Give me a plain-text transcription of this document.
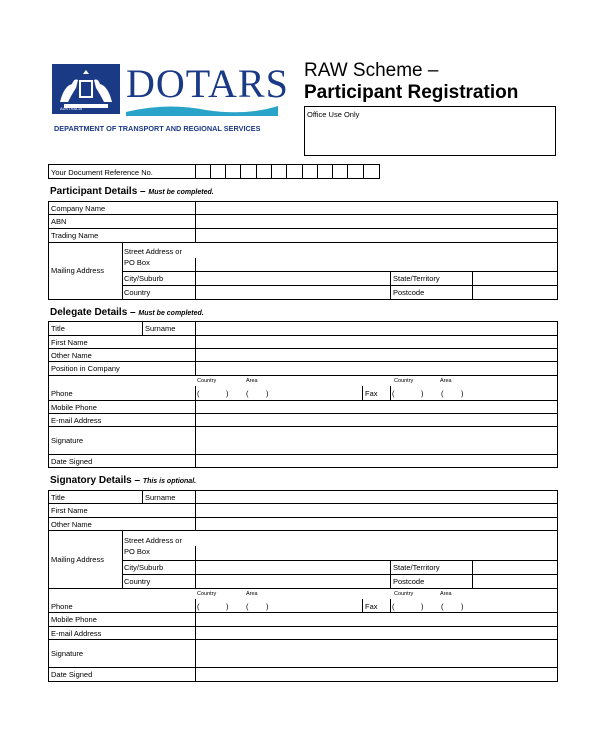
AUSTRALIA
DOTARS
DEPARTMENT OF TRANSPORT AND REGIONAL SERVICES
RAW Scheme –
Participant Registration
Office Use Only
Your Document Reference No.
Participant Details – Must be completed.
Company Name
ABN
Trading Name
Mailing Address
Street Address or
PO Box
City/Suburb	State/Territory
Country	Postcode
Delegate Details – Must be completed.
Title	Surname
First Name
Other Name
Position in Company
Country	Area	Country	Area
Phone	(	) ( )	Fax (	) ( )
Mobile Phone
E-mail Address
Signature
Date Signed
Signatory Details – This is optional.
Title	Surname
First Name
Other Name
Mailing Address
Street Address or
PO Box
City/Suburb	State/Territory
Country	Postcode
Country	Area	Country	Area
Phone	(	) ( )	Fax (	) ( )
Mobile Phone
E-mail Address
Signature
Date Signed
